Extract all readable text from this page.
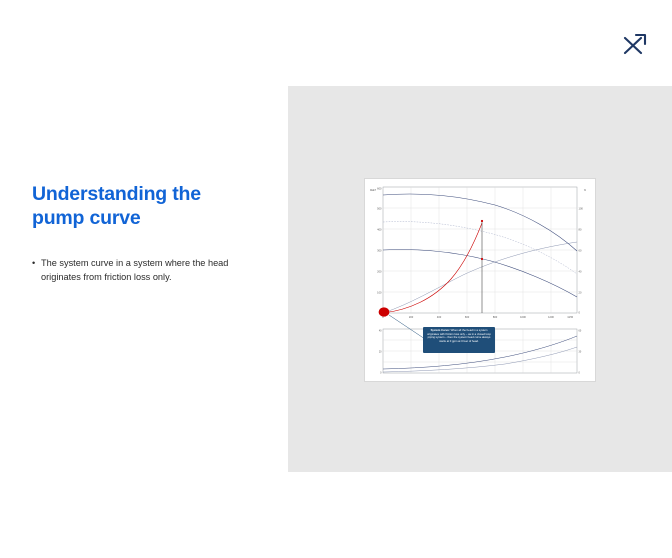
Understanding the
pump curve
• The system curve in a system where the head originates from friction loss only.
600
500
400
300
200
100
100
80
60
40
20
0
0	200	400	600	800	1000	1200	GPM
FEET	%
40
20
0
60
30
0
System Curve: When all the head in a system originates with friction loss only – as in a closed loop piping system – then the system head curve always starts at 0 gpm at 0 feet of head.
